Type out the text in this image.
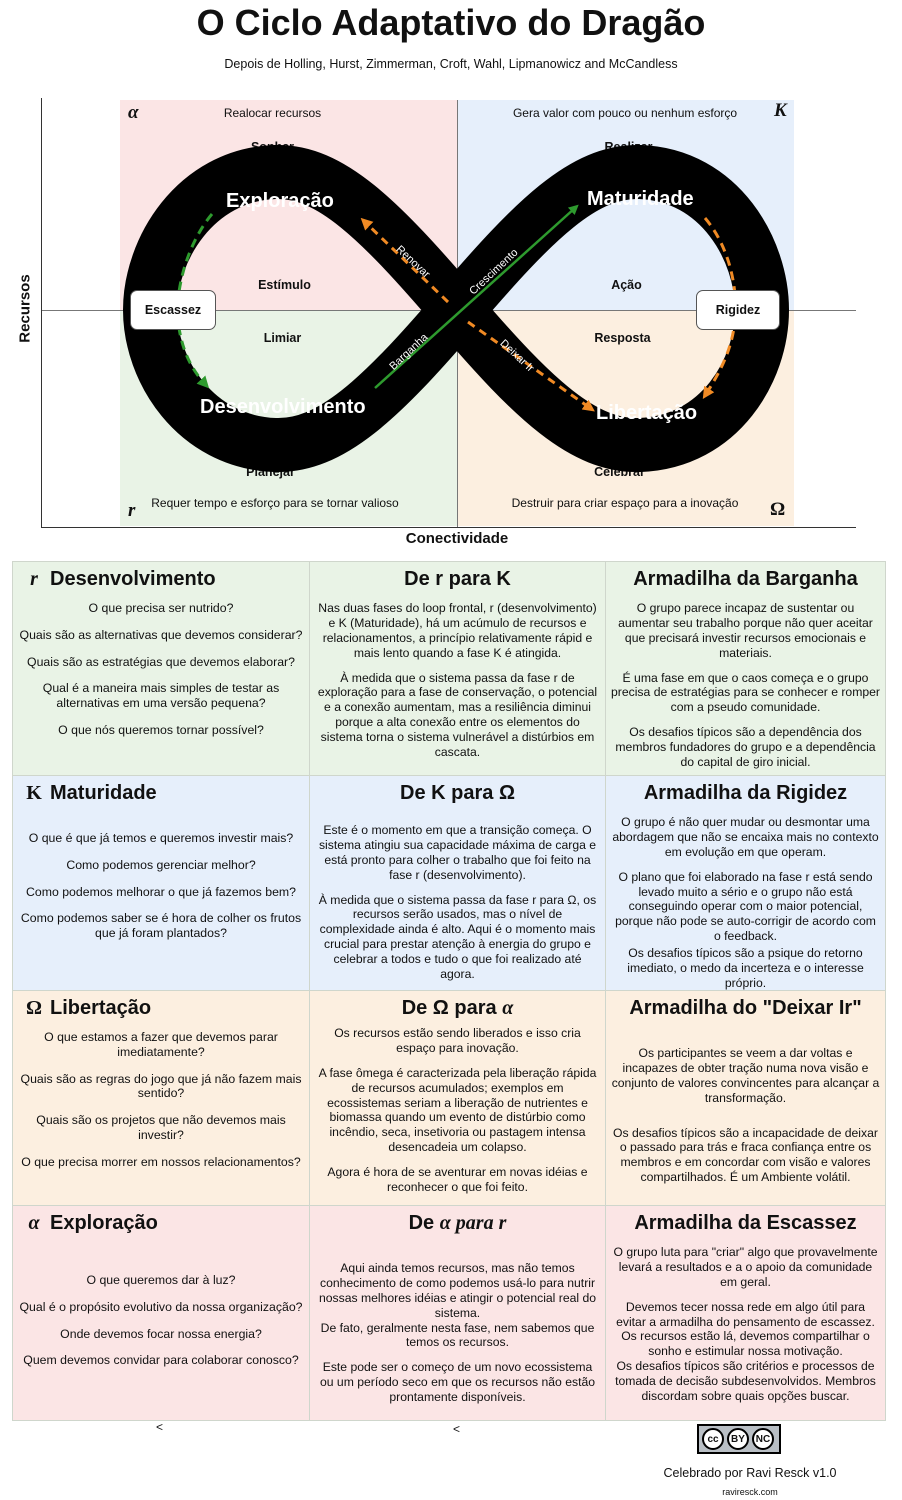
O Ciclo Adaptativo do Dragão
Depois de Holling, Hurst, Zimmerman, Croft, Wahl, Lipmanowicz and McCandless
Recursos
Conectividade
α	K
r	Ω
Realocar recursos	Gera valor com pouco ou nenhum esforço
Sonhar	Realizar
Estímulo	Ação
Limiar	Resposta
Planejar	Celebrar
Requer tempo e esforço para se tornar valioso	Destruir para criar espaço para a inovação
Exploração	Maturidade
Desenvolvimento	Libertação
Renovar	Crescimento
Barganha	Deixar Ir
Escassez	Rigidez
r Desenvolvimento
O que precisa ser nutrido?
Quais são as alternativas que devemos considerar?
Quais são as estratégias que devemos elaborar?
Qual é a maneira mais simples de testar as alternativas em uma versão pequena?
O que nós queremos tornar possível?
De r para K
Nas duas fases do loop frontal, r (desenvolvimento) e K (Maturidade), há um acúmulo de recursos e relacionamentos, a princípio relativamente rápid e mais lento quando a fase K é atingida.
À medida que o sistema passa da fase r de exploração para a fase de conservação, o potencial e a conexão aumentam, mas a resiliência diminui porque a alta conexão entre os elementos do sistema torna o sistema vulnerável a distúrbios em cascata.
Armadilha da Barganha
O grupo parece incapaz de sustentar ou aumentar seu trabalho porque não quer aceitar que precisará investir recursos emocionais e materiais.
É uma fase em que o caos começa e o grupo precisa de estratégias para se conhecer e romper com a pseudo comunidade.
Os desafios típicos são a dependência dos membros fundadores do grupo e a dependência do capital de giro inicial.
K Maturidade
O que é que já temos e queremos investir mais?
Como podemos gerenciar melhor?
Como podemos melhorar o que já fazemos bem?
Como podemos saber se é hora de colher os frutos que já foram plantados?
De K para Ω
Este é o momento em que a transição começa. O sistema atingiu sua capacidade máxima de carga e está pronto para colher o trabalho que foi feito na fase r (desenvolvimento).
À medida que o sistema passa da fase r para Ω, os recursos serão usados, mas o nível de complexidade ainda é alto. Aqui é o momento mais crucial para prestar atenção à energia do grupo e celebrar a todos e tudo o que foi realizado até agora.
Armadilha da Rigidez
O grupo é não quer mudar ou desmontar uma abordagem que não se encaixa mais no contexto em evolução em que operam.
O plano que foi elaborado na fase r está sendo levado muito a sério e o grupo não está conseguindo operar com o maior potencial, porque não pode se auto-corrigir de acordo com o feedback.
Os desafios típicos são a psique do retorno imediato, o medo da incerteza e o interesse próprio.
Ω Libertação
O que estamos a fazer que devemos parar imediatamente?
Quais são as regras do jogo que já não fazem mais sentido?
Quais são os projetos que não devemos mais investir?
O que precisa morrer em nossos relacionamentos?
De Ω para α
Os recursos estão sendo liberados e isso cria espaço para inovação.
A fase ômega é caracterizada pela liberação rápida de recursos acumulados; exemplos em ecossistemas seriam a liberação de nutrientes e biomassa quando um evento de distúrbio como incêndio, seca, insetivoria ou pastagem intensa desencadeia um colapso.
Agora é hora de se aventurar em novas idéias e reconhecer o que foi feito.
Armadilha do "Deixar Ir"
Os participantes se veem a dar voltas e incapazes de obter tração numa nova visão e conjunto de valores convincentes para alcançar a transformação.
Os desafios típicos são a incapacidade de deixar o passado para trás e fraca confiança entre os membros e em concordar com visão e valores compartilhados. É um Ambiente volátil.
α Exploração
O que queremos dar à luz?
Qual é o propósito evolutivo da nossa organização?
Onde devemos focar nossa energia?
Quem devemos convidar para colaborar conosco?
De α para r
Aqui ainda temos recursos, mas não temos conhecimento de como podemos usá-lo para nutrir nossas melhores idéias e atingir o potencial real do sistema.
De fato, geralmente nesta fase, nem sabemos que temos os recursos.
Este pode ser o começo de um novo ecossistema ou um período seco em que os recursos não estão prontamente disponíveis.
Armadilha da Escassez
O grupo luta para "criar" algo que provavelmente levará a resultados e a o apoio da comunidade em geral.
Devemos tecer nossa rede em algo útil para evitar a armadilha do pensamento de escassez. Os recursos estão lá, devemos compartilhar o sonho e estimular nossa motivação.
Os desafios típicos são critérios e processos de tomada de decisão subdesenvolvidos. Membros discordam sobre quais opções buscar.
<	<
cc	BY	NC
Celebrado por Ravi Resck v1.0
raviresck.com
